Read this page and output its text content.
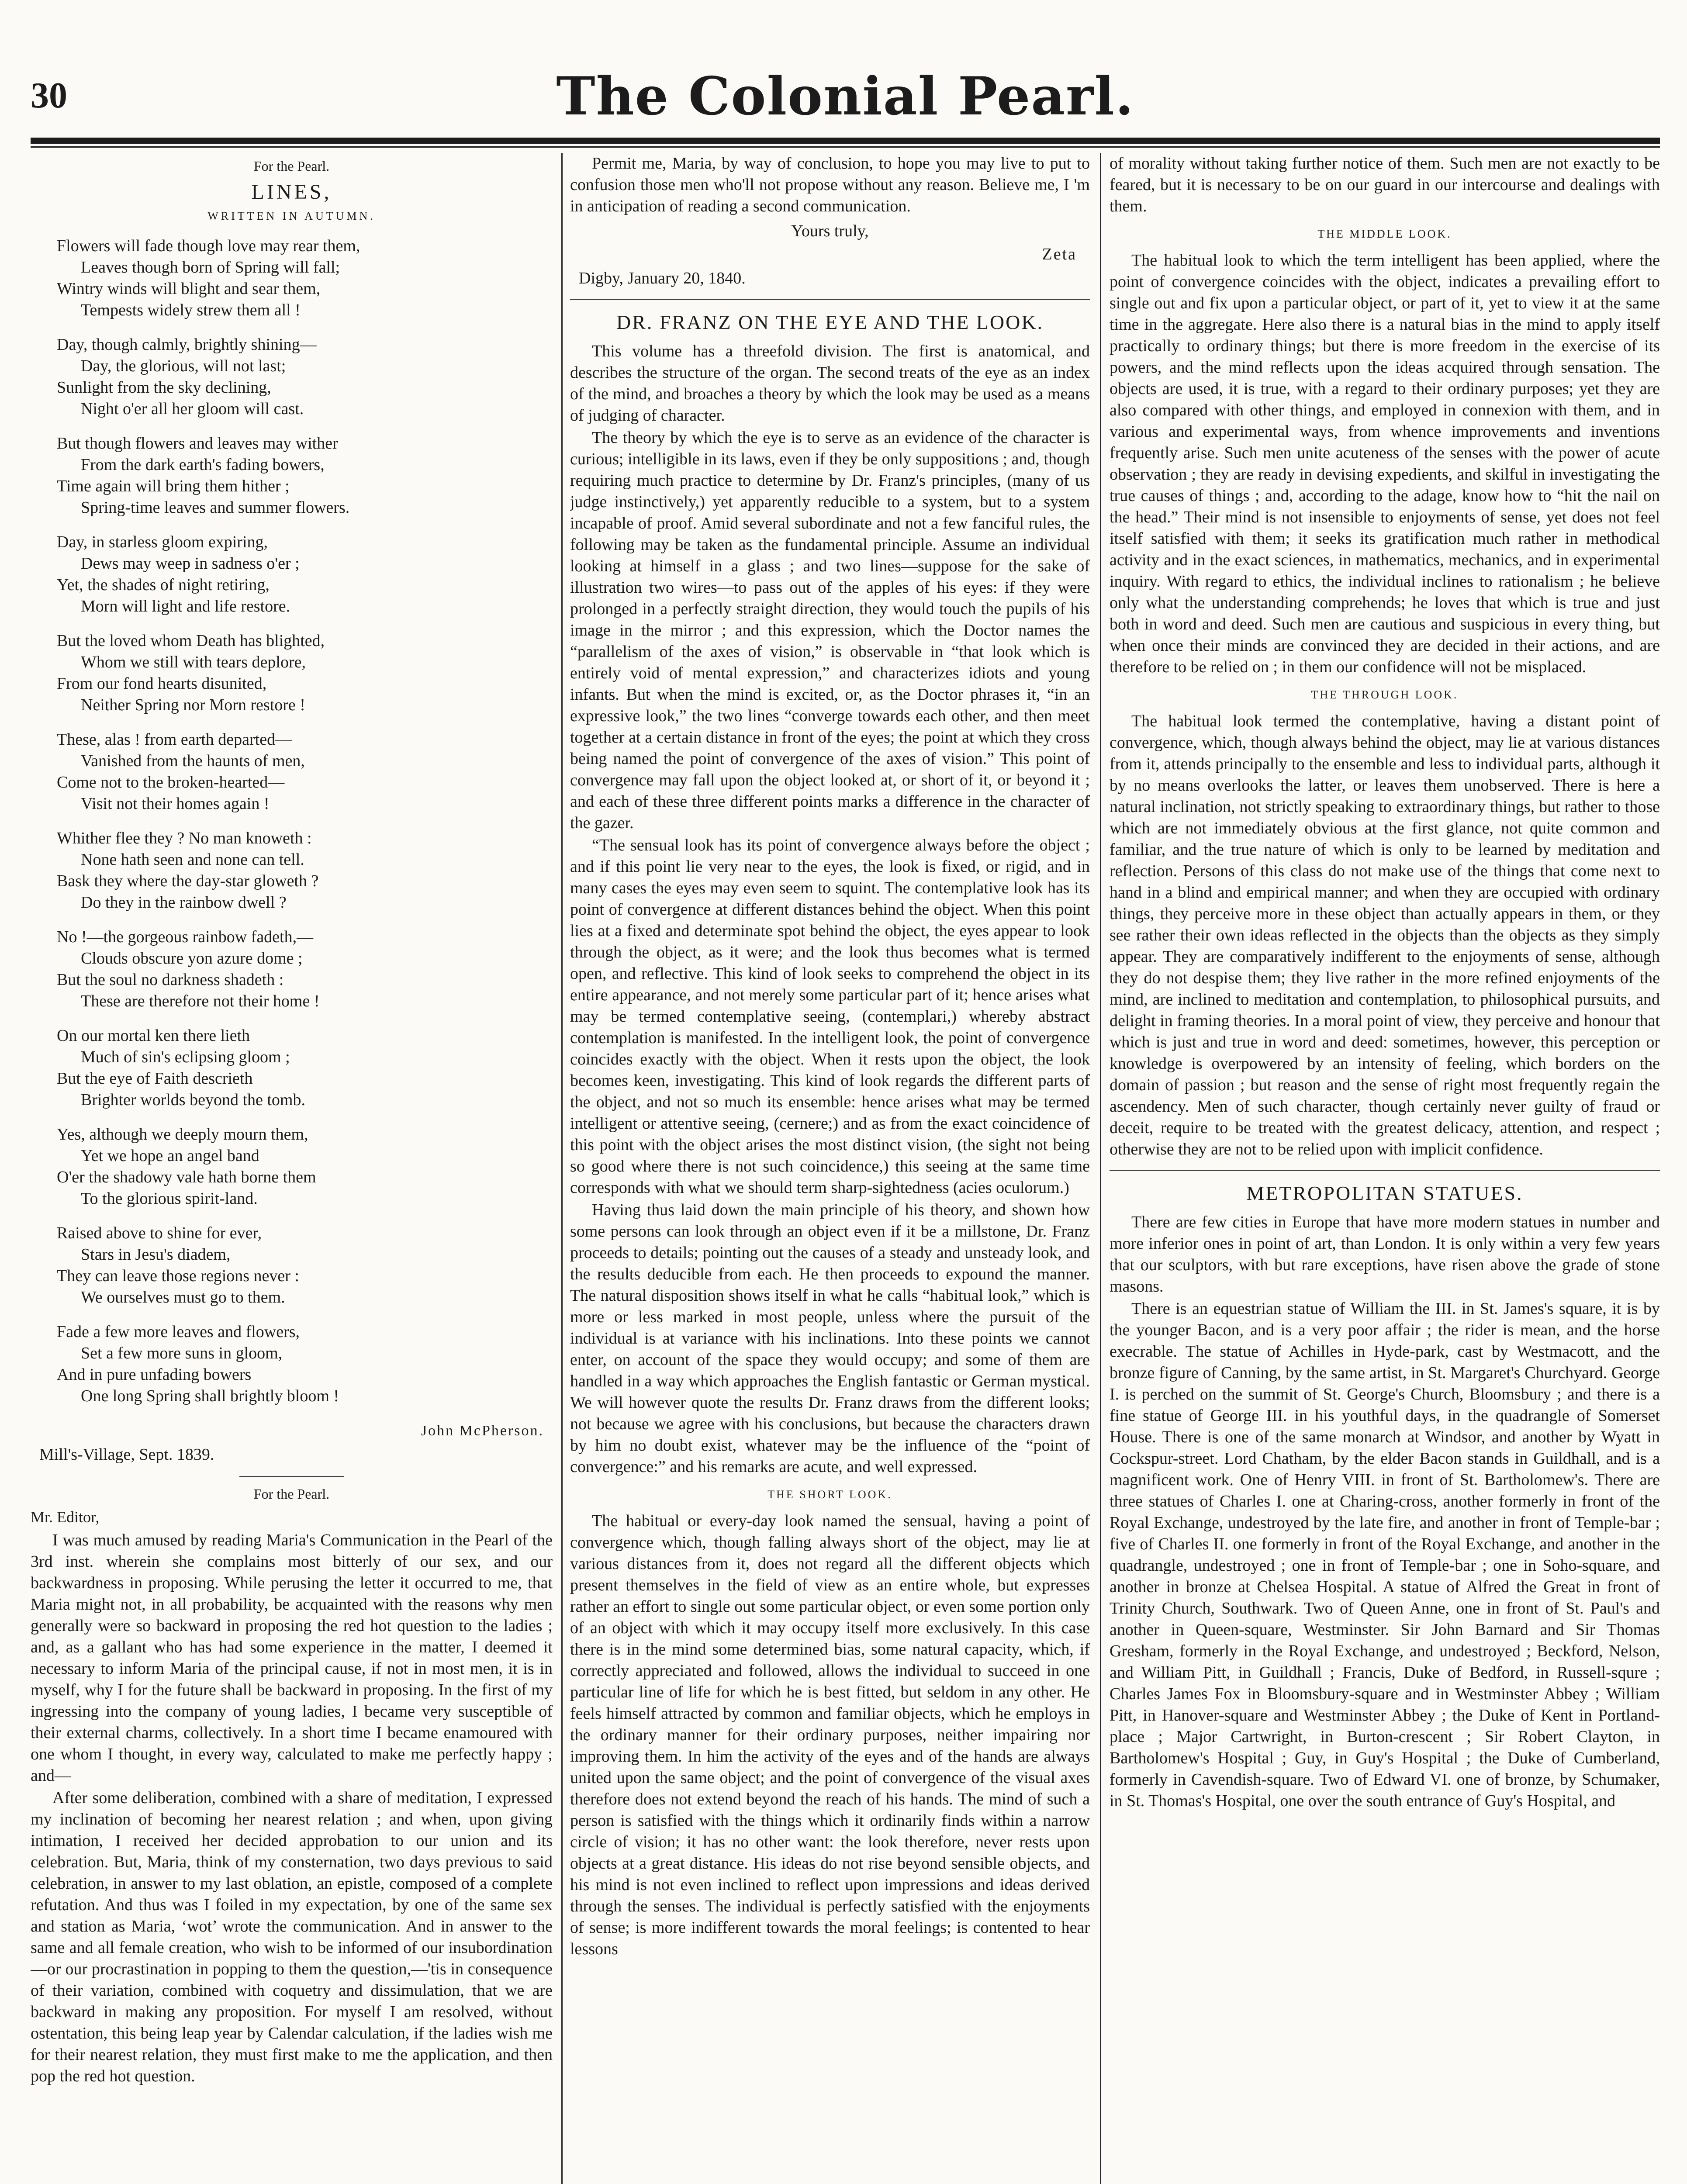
30	The Colonial Pearl.
For the Pearl.
LINES,
WRITTEN IN AUTUMN.
Flowers will fade though love may rear them,
Leaves though born of Spring will fall;
Wintry winds will blight and sear them,
Tempests widely strew them all !
Day, though calmly, brightly shining—
Day, the glorious, will not last;
Sunlight from the sky declining,
Night o'er all her gloom will cast.
But though flowers and leaves may wither
From the dark earth's fading bowers,
Time again will bring them hither ;
Spring-time leaves and summer flowers.
Day, in starless gloom expiring,
Dews may weep in sadness o'er ;
Yet, the shades of night retiring,
Morn will light and life restore.
But the loved whom Death has blighted,
Whom we still with tears deplore,
From our fond hearts disunited,
Neither Spring nor Morn restore !
These, alas ! from earth departed—
Vanished from the haunts of men,
Come not to the broken-hearted—
Visit not their homes again !
Whither flee they ? No man knoweth :
None hath seen and none can tell.
Bask they where the day-star gloweth ?
Do they in the rainbow dwell ?
No !—the gorgeous rainbow fadeth,—
Clouds obscure yon azure dome ;
But the soul no darkness shadeth :
These are therefore not their home !
On our mortal ken there lieth
Much of sin's eclipsing gloom ;
But the eye of Faith descrieth
Brighter worlds beyond the tomb.
Yes, although we deeply mourn them,
Yet we hope an angel band
O'er the shadowy vale hath borne them
To the glorious spirit-land.
Raised above to shine for ever,
Stars in Jesu's diadem,
They can leave those regions never :
We ourselves must go to them.
Fade a few more leaves and flowers,
Set a few more suns in gloom,
And in pure unfading bowers
One long Spring shall brightly bloom !
John McPherson.
Mill's-Village, Sept. 1839.
For the Pearl.
Mr. Editor,

I was much amused by reading Maria's Communication in the Pearl of the 3rd inst. wherein she complains most bitterly of our sex, and our backwardness in proposing. While perusing the letter it occurred to me, that Maria might not, in all probability, be acquainted with the reasons why men generally were so backward in proposing the red hot question to the ladies ; and, as a gallant who has had some experience in the matter, I deemed it necessary to inform Maria of the principal cause, if not in most men, it is in myself, why I for the future shall be backward in proposing. In the first of my ingressing into the company of young ladies, I became very susceptible of their external charms, collectively. In a short time I became enamoured with one whom I thought, in every way, calculated to make me perfectly happy ; and—

After some deliberation, combined with a share of meditation, I expressed my inclination of becoming her nearest relation ; and when, upon giving intimation, I received her decided approbation to our union and its celebration. But, Maria, think of my consternation, two days previous to said celebration, in answer to my last oblation, an epistle, composed of a complete refutation. And thus was I foiled in my expectation, by one of the same sex and station as Maria, ‘wot’ wrote the communication. And in answer to the same and all female creation, who wish to be informed of our insubordination—or our procrastination in popping to them the question,—'tis in consequence of their variation, combined with coquetry and dissimulation, that we are backward in making any proposition. For myself I am resolved, without ostentation, this being leap year by Calendar calculation, if the ladies wish me for their nearest relation, they must first make to me the application, and then pop the red hot question.

Permit me, Maria, by way of conclusion, to hope you may live to put to confusion those men who'll not propose without any reason. Believe me, I 'm in anticipation of reading a second communication.

Yours truly,
Zeta
Digby, January 20, 1840.
DR. FRANZ ON THE EYE AND THE LOOK.

This volume has a threefold division. The first is anatomical, and describes the structure of the organ. The second treats of the eye as an index of the mind, and broaches a theory by which the look may be used as a means of judging of character.

The theory by which the eye is to serve as an evidence of the character is curious; intelligible in its laws, even if they be only suppositions ; and, though requiring much practice to determine by Dr. Franz's principles, (many of us judge instinctively,) yet apparently reducible to a system, but to a system incapable of proof. Amid several subordinate and not a few fanciful rules, the following may be taken as the fundamental principle. Assume an individual looking at himself in a glass ; and two lines—suppose for the sake of illustration two wires—to pass out of the apples of his eyes: if they were prolonged in a perfectly straight direction, they would touch the pupils of his image in the mirror ; and this expression, which the Doctor names the “parallelism of the axes of vision,” is observable in “that look which is entirely void of mental expression,” and characterizes idiots and young infants. But when the mind is excited, or, as the Doctor phrases it, “in an expressive look,” the two lines “converge towards each other, and then meet together at a certain distance in front of the eyes; the point at which they cross being named the point of convergence of the axes of vision.” This point of convergence may fall upon the object looked at, or short of it, or beyond it ; and each of these three different points marks a difference in the character of the gazer.

“The sensual look has its point of convergence always before the object ; and if this point lie very near to the eyes, the look is fixed, or rigid, and in many cases the eyes may even seem to squint. The contemplative look has its point of convergence at different distances behind the object. When this point lies at a fixed and determinate spot behind the object, the eyes appear to look through the object, as it were; and the look thus becomes what is termed open, and reflective. This kind of look seeks to comprehend the object in its entire appearance, and not merely some particular part of it; hence arises what may be termed contemplative seeing, (contemplari,) whereby abstract contemplation is manifested. In the intelligent look, the point of convergence coincides exactly with the object. When it rests upon the object, the look becomes keen, investigating. This kind of look regards the different parts of the object, and not so much its ensemble: hence arises what may be termed intelligent or attentive seeing, (cernere;) and as from the exact coincidence of this point with the object arises the most distinct vision, (the sight not being so good where there is not such coincidence,) this seeing at the same time corresponds with what we should term sharp-sightedness (acies oculorum.)

Having thus laid down the main principle of his theory, and shown how some persons can look through an object even if it be a millstone, Dr. Franz proceeds to details; pointing out the causes of a steady and unsteady look, and the results deducible from each. He then proceeds to expound the manner. The natural disposition shows itself in what he calls “habitual look,” which is more or less marked in most people, unless where the pursuit of the individual is at variance with his inclinations. Into these points we cannot enter, on account of the space they would occupy; and some of them are handled in a way which approaches the English fantastic or German mystical. We will however quote the results Dr. Franz draws from the different looks; not because we agree with his conclusions, but because the characters drawn by him no doubt exist, whatever may be the influence of the “point of convergence:” and his remarks are acute, and well expressed.

THE SHORT LOOK.

The habitual or every-day look named the sensual, having a point of convergence which, though falling always short of the object, may lie at various distances from it, does not regard all the different objects which present themselves in the field of view as an entire whole, but expresses rather an effort to single out some particular object, or even some portion only of an object with which it may occupy itself more exclusively. In this case there is in the mind some determined bias, some natural capacity, which, if correctly appreciated and followed, allows the individual to succeed in one particular line of life for which he is best fitted, but seldom in any other. He feels himself attracted by common and familiar objects, which he employs in the ordinary manner for their ordinary purposes, neither impairing nor improving them. In him the activity of the eyes and of the hands are always united upon the same object; and the point of convergence of the visual axes therefore does not extend beyond the reach of his hands. The mind of such a person is satisfied with the things which it ordinarily finds within a narrow circle of vision; it has no other want: the look therefore, never rests upon objects at a great distance. His ideas do not rise beyond sensible objects, and his mind is not even inclined to reflect upon impressions and ideas derived through the senses. The individual is perfectly satisfied with the enjoyments of sense; is more indifferent towards the moral feelings; is contented to hear lessons

of morality without taking further notice of them. Such men are not exactly to be feared, but it is necessary to be on our guard in our intercourse and dealings with them.

THE MIDDLE LOOK.

The habitual look to which the term intelligent has been applied, where the point of convergence coincides with the object, indicates a prevailing effort to single out and fix upon a particular object, or part of it, yet to view it at the same time in the aggregate. Here also there is a natural bias in the mind to apply itself practically to ordinary things; but there is more freedom in the exercise of its powers, and the mind reflects upon the ideas acquired through sensation. The objects are used, it is true, with a regard to their ordinary purposes; yet they are also compared with other things, and employed in connexion with them, and in various and experimental ways, from whence improvements and inventions frequently arise. Such men unite acuteness of the senses with the power of acute observation ; they are ready in devising expedients, and skilful in investigating the true causes of things ; and, according to the adage, know how to “hit the nail on the head.” Their mind is not insensible to enjoyments of sense, yet does not feel itself satisfied with them; it seeks its gratification much rather in methodical activity and in the exact sciences, in mathematics, mechanics, and in experimental inquiry. With regard to ethics, the individual inclines to rationalism ; he believe only what the understanding comprehends; he loves that which is true and just both in word and deed. Such men are cautious and suspicious in every thing, but when once their minds are convinced they are decided in their actions, and are therefore to be relied on ; in them our confidence will not be misplaced.

THE THROUGH LOOK.

The habitual look termed the contemplative, having a distant point of convergence, which, though always behind the object, may lie at various distances from it, attends principally to the ensemble and less to individual parts, although it by no means overlooks the latter, or leaves them unobserved. There is here a natural inclination, not strictly speaking to extraordinary things, but rather to those which are not immediately obvious at the first glance, not quite common and familiar, and the true nature of which is only to be learned by meditation and reflection. Persons of this class do not make use of the things that come next to hand in a blind and empirical manner; and when they are occupied with ordinary things, they perceive more in these object than actually appears in them, or they see rather their own ideas reflected in the objects than the objects as they simply appear. They are comparatively indifferent to the enjoyments of sense, although they do not despise them; they live rather in the more refined enjoyments of the mind, are inclined to meditation and contemplation, to philosophical pursuits, and delight in framing theories. In a moral point of view, they perceive and honour that which is just and true in word and deed: sometimes, however, this perception or knowledge is overpowered by an intensity of feeling, which borders on the domain of passion ; but reason and the sense of right most frequently regain the ascendency. Men of such character, though certainly never guilty of fraud or deceit, require to be treated with the greatest delicacy, attention, and respect ; otherwise they are not to be relied upon with implicit confidence.

METROPOLITAN STATUES.

There are few cities in Europe that have more modern statues in number and more inferior ones in point of art, than London. It is only within a very few years that our sculptors, with but rare exceptions, have risen above the grade of stone masons.

There is an equestrian statue of William the III. in St. James's square, it is by the younger Bacon, and is a very poor affair ; the rider is mean, and the horse execrable. The statue of Achilles in Hyde-park, cast by Westmacott, and the bronze figure of Canning, by the same artist, in St. Margaret's Churchyard. George I. is perched on the summit of St. George's Church, Bloomsbury ; and there is a fine statue of George III. in his youthful days, in the quadrangle of Somerset House. There is one of the same monarch at Windsor, and another by Wyatt in Cockspur-street. Lord Chatham, by the elder Bacon stands in Guildhall, and is a magnificent work. One of Henry VIII. in front of St. Bartholomew's. There are three statues of Charles I. one at Charing-cross, another formerly in front of the Royal Exchange, undestroyed by the late fire, and another in front of Temple-bar ; five of Charles II. one formerly in front of the Royal Exchange, and another in the quadrangle, undestroyed ; one in front of Temple-bar ; one in Soho-square, and another in bronze at Chelsea Hospital. A statue of Alfred the Great in front of Trinity Church, Southwark. Two of Queen Anne, one in front of St. Paul's and another in Queen-square, Westminster. Sir John Barnard and Sir Thomas Gresham, formerly in the Royal Exchange, and undestroyed ; Beckford, Nelson, and William Pitt, in Guildhall ; Francis, Duke of Bedford, in Russell-squre ; Charles James Fox in Bloomsbury-square and in Westminster Abbey ; William Pitt, in Hanover-square and Westminster Abbey ; the Duke of Kent in Portland-place ; Major Cartwright, in Burton-crescent ; Sir Robert Clayton, in Bartholomew's Hospital ; Guy, in Guy's Hospital ; the Duke of Cumberland, formerly in Cavendish-square. Two of Edward VI. one of bronze, by Schumaker, in St. Thomas's Hospital, one over the south entrance of Guy's Hospital, and
